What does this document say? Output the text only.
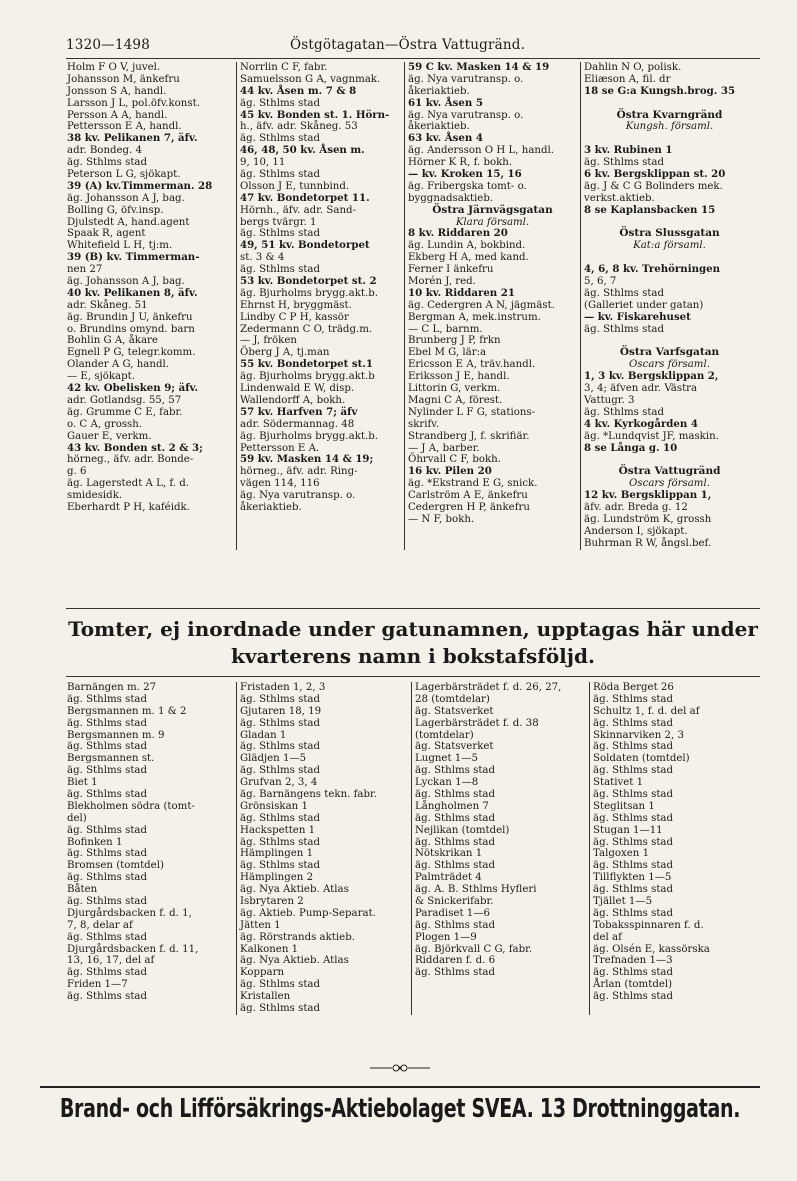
1320—1498	Östgötagatan—Östra Vattugränd.
Holm F O V, juvel.
Johansson M, änkefru
Jonsson S A, handl.
Larsson J L, pol.öfv.konst.
Persson A A, handl.
Pettersson E A, handl.
38 kv. Pelikanen 7, äfv.
adr. Bondeg. 4
äg. Sthlms stad
Peterson L G, sjökapt.
39 (A) kv.Timmerman. 28
äg. Johansson A J, bag.
Bolling G, öfv.insp.
Djulstedt A, hand.agent
Spaak R, agent
Whitefield L H, tj:m.
39 (B) kv. Timmerman-
nen 27
äg. Johansson A J, bag.
40 kv. Pelikanen 8, äfv.
adr. Skåneg. 51
äg. Brundin J U, änkefru
o. Brundins omynd. barn
Bohlin G A, åkare
Egnell P G, telegr.komm.
Olander A G, handl.
— E, sjökapt.
42 kv. Obelisken 9; äfv.
adr. Gotlandsg. 55, 57
äg. Grumme C E, fabr.
o. C A, grossh.
Gauer E, verkm.
43 kv. Bonden st. 2 & 3;
hörneg., äfv. adr. Bonde-
g. 6
äg. Lagerstedt A L, f. d.
smidesidk.
Eberhardt P H, kaféidk.
Norrlin C F, fabr.
Samuelsson G A, vagnmak.
44 kv. Åsen m. 7 & 8
äg. Sthlms stad
45 kv. Bonden st. 1. Hörn-
h., äfv. adr. Skåneg. 53
äg. Sthlms stad
46, 48, 50 kv. Åsen m.
9, 10, 11
äg. Sthlms stad
Olsson J E, tunnbind.
47 kv. Bondetorpet 11.
Hörnh., äfv. adr. Sand-
bergs tvärgr. 1
äg. Sthlms stad
49, 51 kv. Bondetorpet
st. 3 & 4
äg. Sthlms stad
53 kv. Bondetorpet st. 2
äg. Bjurholms brygg.akt.b.
Ehrnst H, bryggmäst.
Lindby C P H, kassör
Zedermann C O, trädg.m.
— J, fröken
Öberg J A, tj.man
55 kv. Bondetorpet st.1
äg. Bjurholms brygg.akt.b
Lindenwald E W, disp.
Wallendorff A, bokh.
57 kv. Harfven 7; äfv
adr. Södermannag. 48
äg. Bjurholms brygg.akt.b.
Pettersson E A.
59 kv. Masken 14 & 19;
hörneg., äfv. adr. Ring-
vägen 114, 116
äg. Nya varutransp. o.
åkeriaktieb.
59 C kv. Masken 14 & 19
äg. Nya varutransp. o.
åkeriaktieb.
61 kv. Åsen 5
äg. Nya varutransp. o.
åkeriaktieb.
63 kv. Åsen 4
äg. Andersson O H L, handl.
Hörner K R, f. bokh.
— kv. Kroken 15, 16
äg. Fribergska tomt- o.
byggnadsaktieb.
Östra Järnvägsgatan
Klara församl.
8 kv. Riddaren 20
äg. Lundin A, bokbind.
Ekberg H A, med kand.
Ferner I änkefru
Morén J, red.
10 kv. Riddaren 21
äg. Cedergren A N, jägmäst.
Bergman A, mek.instrum.
— C L, barnm.
Brunberg J P, frkn
Ebel M G, lär:a
Ericsson E A, träv.handl.
Eriksson J E, handl.
Littorin G, verkm.
Magni C A, förest.
Nylinder L F G, stations-
skrifv.
Strandberg J, f. skrifiär.
— J A, barber.
Öhrvall C F, bokh.
16 kv. Pilen 20
äg. *Ekstrand E G, snick.
Carlström A E, änkefru
Cedergren H P, änkefru
— N F, bokh.
Dahlin N O, polisk.
Eliæson A, fil. dr
18 se G:a Kungsh.brog. 35
Östra Kvarngränd
Kungsh. församl.
3 kv. Rubinen 1
äg. Sthlms stad
6 kv. Bergsklippan st. 20
äg. J & C G Bolinders mek.
verkst.aktieb.
8 se Kaplansbacken 15
Östra Slussgatan
Kat:a församl.
4, 6, 8 kv. Trehörningen
5, 6, 7
äg. Sthlms stad
(Galleriet under gatan)
— kv. Fiskarehuset
äg. Sthlms stad
Östra Varfsgatan
Oscars församl.
1, 3 kv. Bergsklippan 2,
3, 4; äfven adr. Västra
Vattugr. 3
äg. Sthlms stad
4 kv. Kyrkogården 4
äg. *Lundqvist JF, maskin.
8 se Långa g. 10
Östra Vattugränd
Oscars församl.
12 kv. Bergsklippan 1,
äfv. adr. Breda g. 12
äg. Lundström K, grossh
Anderson I, sjökapt.
Buhrman R W, ångsl.bef.
Tomter, ej inordnade under gatunamnen, upptagas här under
kvarterens namn i bokstafsföljd.
Barnängen m. 27
äg. Sthlms stad
Bergsmannen m. 1 & 2
äg. Sthlms stad
Bergsmannen m. 9
äg. Sthlms stad
Bergsmannen st.
äg. Sthlms stad
Biet 1
äg. Sthlms stad
Blekholmen södra (tomt-
del)
äg. Sthlms stad
Bofinken 1
äg. Sthlms stad
Bromsen (tomtdel)
äg. Sthlms stad
Båten
äg. Sthlms stad
Djurgårdsbacken f. d. 1,
7, 8, delar af
äg. Sthlms stad
Djurgårdsbacken f. d. 11,
13, 16, 17, del af
äg. Sthlms stad
Friden 1—7
äg. Sthlms stad
Fristaden 1, 2, 3
äg. Sthlms stad
Gjutaren 18, 19
äg. Sthlms stad
Gladan 1
äg. Sthlms stad
Glädjen 1—5
äg. Sthlms stad
Grufvan 2, 3, 4
äg. Barnängens tekn. fabr.
Grönsiskan 1
äg. Sthlms stad
Hackspetten 1
äg. Sthlms stad
Hämplingen 1
äg. Sthlms stad
Hämplingen 2
äg. Nya Aktieb. Atlas
Isbrytaren 2
äg. Aktieb. Pump-Separat.
Jätten 1
äg. Rörstrands aktieb.
Kalkonen 1
äg. Nya Aktieb. Atlas
Kopparn
äg. Sthlms stad
Kristallen
äg. Sthlms stad
Lagerbärsträdet f. d. 26, 27,
28 (tomtdelar)
äg. Statsverket
Lagerbärsträdet f. d. 38
(tomtdelar)
äg. Statsverket
Lugnet 1—5
äg. Sthlms stad
Lyckan 1—8
äg. Sthlms stad
Långholmen 7
äg. Sthlms stad
Nejlikan (tomtdel)
äg. Sthlms stad
Nötskrikan 1
äg. Sthlms stad
Palmträdet 4
äg. A. B. Sthlms Hyfleri
& Snickerifabr.
Paradiset 1—6
äg. Sthlms stad
Plogen 1—9
äg. Björkvall C G, fabr.
Riddaren f. d. 6
äg. Sthlms stad
Röda Berget 26
äg. Sthlms stad
Schultz 1, f. d. del af
äg. Sthlms stad
Skinnarviken 2, 3
äg. Sthlms stad
Soldaten (tomtdel)
äg. Sthlms stad
Stativet 1
äg. Sthlms stad
Steglitsan 1
äg. Sthlms stad
Stugan 1—11
äg. Sthlms stad
Talgoxen 1
äg. Sthlms stad
Tillflykten 1—5
äg. Sthlms stad
Tjället 1—5
äg. Sthlms stad
Tobaksspinnaren f. d.
del af
äg. Olsén E, kassörska
Trefnaden 1—3
äg. Sthlms stad
Årlan (tomtdel)
äg. Sthlms stad
Brand- och Lifförsäkrings-Aktiebolaget SVEA. 13 Drottninggatan.
